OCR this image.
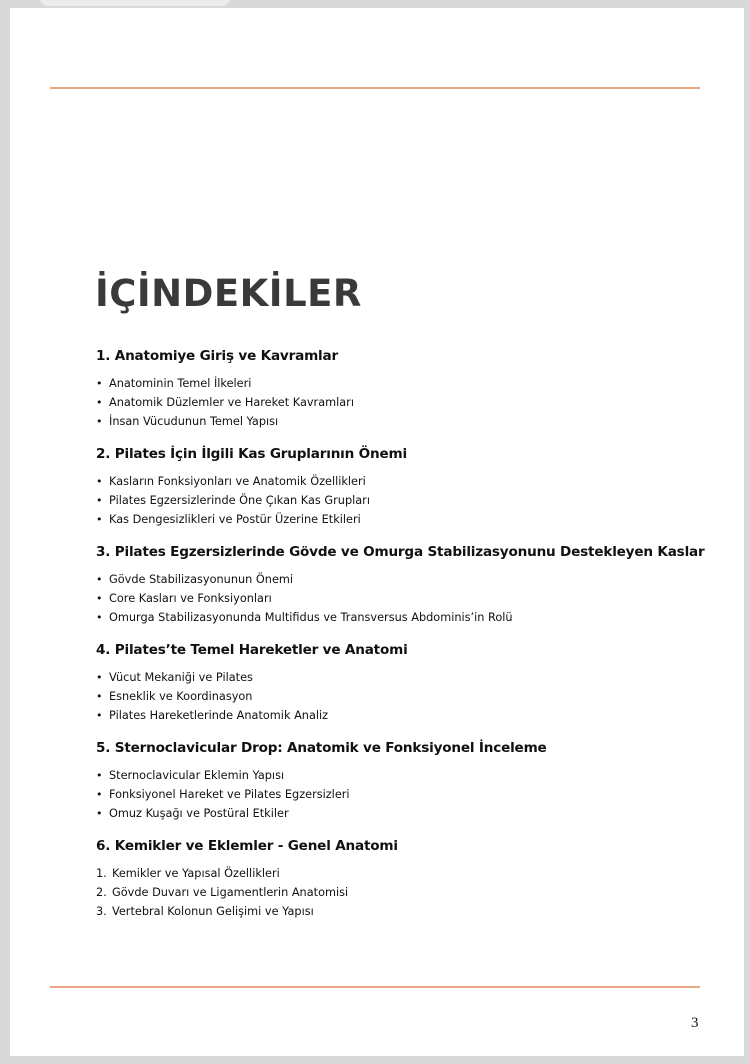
İÇİNDEKİLER
1. Anatomiye Giriş ve Kavramlar
• Anatominin Temel İlkeleri
• Anatomik Düzlemler ve Hareket Kavramları
• İnsan Vücudunun Temel Yapısı
2. Pilates İçin İlgili Kas Gruplarının Önemi
• Kasların Fonksiyonları ve Anatomik Özellikleri
• Pilates Egzersizlerinde Öne Çıkan Kas Grupları
• Kas Dengesizlikleri ve Postür Üzerine Etkileri
3. Pilates Egzersizlerinde Gövde ve Omurga Stabilizasyonunu Destekleyen Kaslar
• Gövde Stabilizasyonunun Önemi
• Core Kasları ve Fonksiyonları
• Omurga Stabilizasyonunda Multifidus ve Transversus Abdominis’in Rolü
4. Pilates’te Temel Hareketler ve Anatomi
• Vücut Mekaniği ve Pilates
• Esneklik ve Koordinasyon
• Pilates Hareketlerinde Anatomik Analiz
5. Sternoclavicular Drop: Anatomik ve Fonksiyonel İnceleme
• Sternoclavicular Eklemin Yapısı
• Fonksiyonel Hareket ve Pilates Egzersizleri
• Omuz Kuşağı ve Postüral Etkiler
6. Kemikler ve Eklemler - Genel Anatomi
1. Kemikler ve Yapısal Özellikleri
2. Gövde Duvarı ve Ligamentlerin Anatomisi
3. Vertebral Kolonun Gelişimi ve Yapısı
3
